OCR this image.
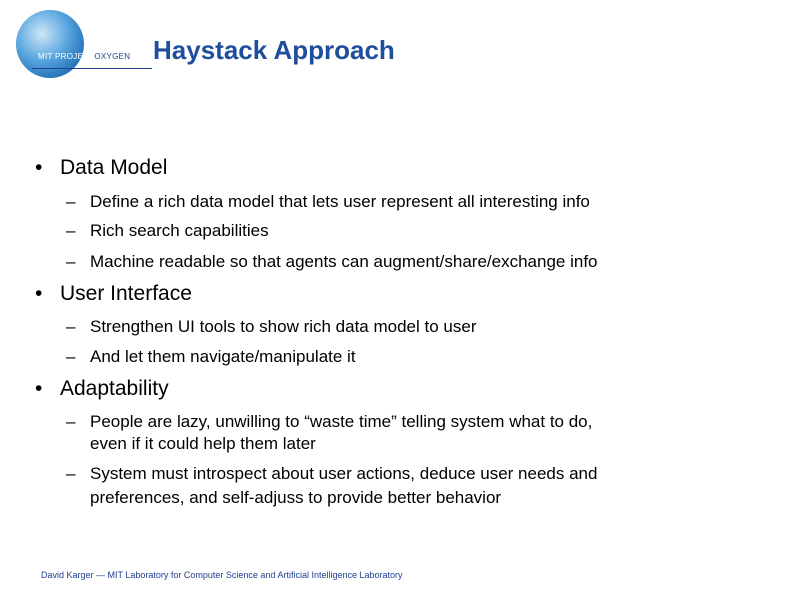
MIT PROJECTOXYGEN Haystack Approach
• Data Model
– Define a rich data model that lets user represent all interesting info
– Rich search capabilities
– Machine readable so that agents can augment/share/exchange info
• User Interface
– Strengthen UI tools to show rich data model to user
– And let them navigate/manipulate it
• Adaptability
– People are lazy, unwilling to “waste time” telling system what to do,
even if it could help them later
– System must introspect about user actions, deduce user needs and
preferences, and self-adjuss to provide better behavior
David Karger — MIT Laboratory for Computer Science and Artificial Intelligence Laboratory
